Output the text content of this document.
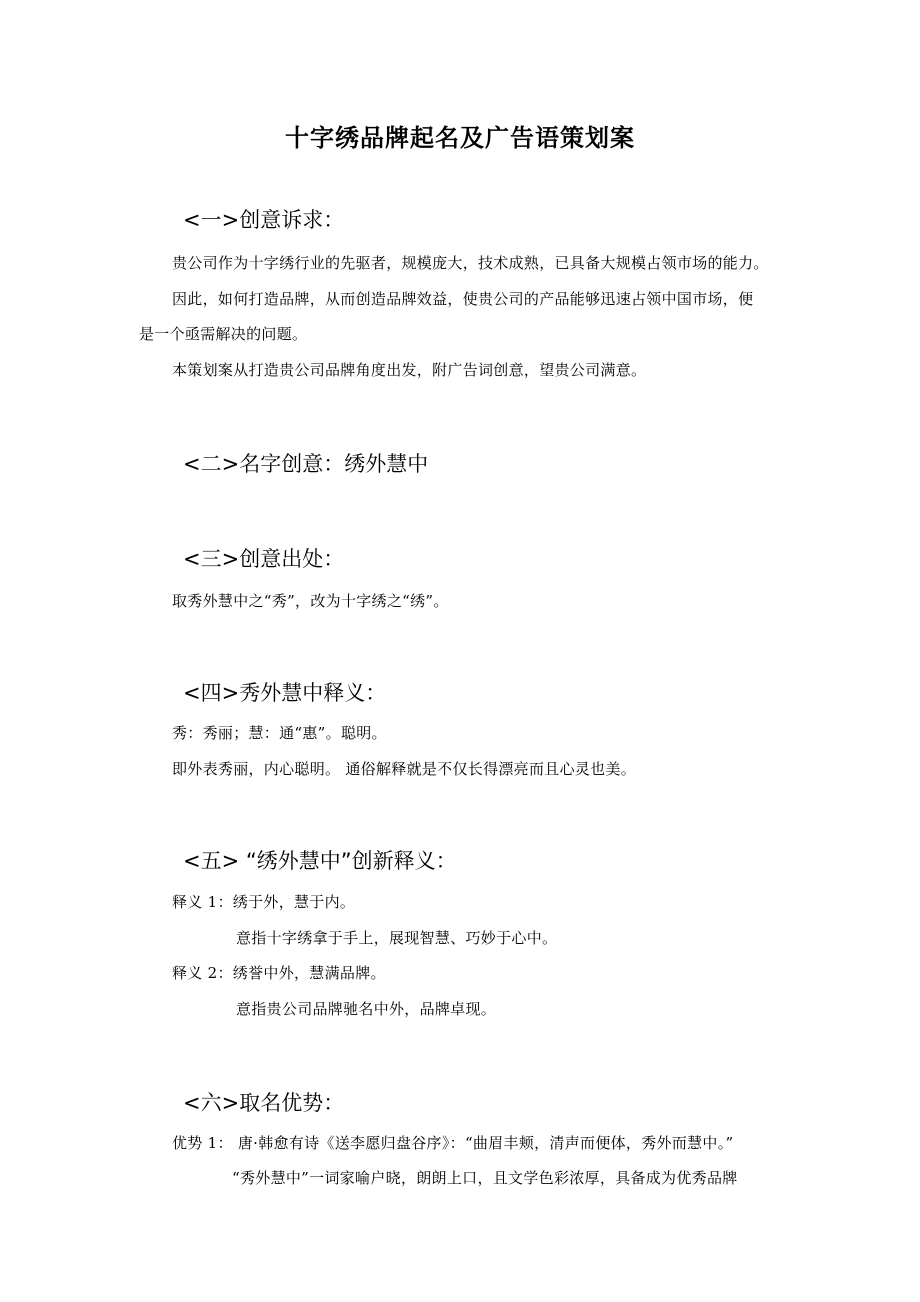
十字绣品牌起名及广告语策划案
<一>创意诉求：
贵公司作为十字绣行业的先驱者，规模庞大，技术成熟，已具备大规模占领市场的能力。
因此，如何打造品牌，从而创造品牌效益，使贵公司的产品能够迅速占领中国市场，便
是一个亟需解决的问题。
本策划案从打造贵公司品牌角度出发，附广告词创意，望贵公司满意。
<二>名字创意：绣外慧中
<三>创意出处：
取秀外慧中之“秀”，改为十字绣之“绣”。
<四>秀外慧中释义：
秀：秀丽；慧：通“惠”。聪明。
即外表秀丽，内心聪明。 通俗解释就是不仅长得漂亮而且心灵也美。
<五> “绣外慧中”创新释义：
释义 1：绣于外，慧于内。
意指十字绣拿于手上，展现智慧、巧妙于心中。
释义 2：绣誉中外，慧满品牌。
意指贵公司品牌驰名中外，品牌卓现。
<六>取名优势：
优势 1： 唐·韩愈有诗《送李愿归盘谷序》：“曲眉丰颊，清声而便体，秀外而慧中。”
“秀外慧中”一词家喻户晓，朗朗上口，且文学色彩浓厚，具备成为优秀品牌
